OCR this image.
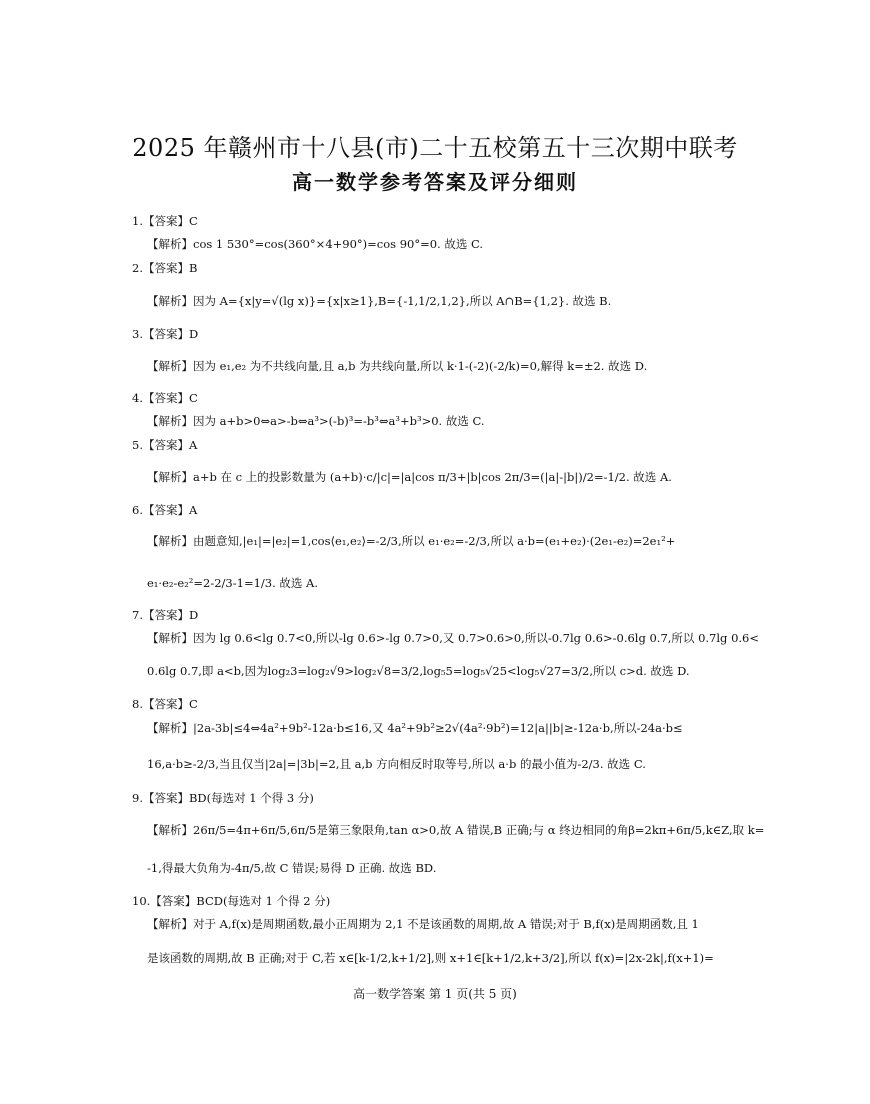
2025 年赣州市十八县(市)二十五校第五十三次期中联考
高一数学参考答案及评分细则
1.【答案】C
【解析】cos 1 530°=cos(360°×4+90°)=cos 90°=0. 故选 C.
2.【答案】B
【解析】因为 A={x|y=√(lg x)}={x|x≥1},B={-1,1/2,1,2},所以 A∩B={1,2}. 故选 B.
3.【答案】D
【解析】因为 e₁,e₂ 为不共线向量,且 a,b 为共线向量,所以 k·1-(-2)(-2/k)=0,解得 k=±2. 故选 D.
4.【答案】C
【解析】因为 a+b>0⇔a>-b⇔a³>(-b)³=-b³⇔a³+b³>0. 故选 C.
5.【答案】A
【解析】a+b 在 c 上的投影数量为 (a+b)·c/|c|=|a|cos π/3+|b|cos 2π/3=(|a|-|b|)/2=-1/2. 故选 A.
6.【答案】A
【解析】由题意知,|e₁|=|e₂|=1,cos⟨e₁,e₂⟩=-2/3,所以 e₁·e₂=-2/3,所以 a·b=(e₁+e₂)·(2e₁-e₂)=2e₁²+
e₁·e₂-e₂²=2-2/3-1=1/3. 故选 A.
7.【答案】D
【解析】因为 lg 0.6<lg 0.7<0,所以-lg 0.6>-lg 0.7>0,又 0.7>0.6>0,所以-0.7lg 0.6>-0.6lg 0.7,所以 0.7lg 0.6<
0.6lg 0.7,即 a<b,因为log₂3=log₂√9>log₂√8=3/2,log₅5=log₅√25<log₅√27=3/2,所以 c>d. 故选 D.
8.【答案】C
【解析】|2a-3b|≤4⇔4a²+9b²-12a·b≤16,又 4a²+9b²≥2√(4a²·9b²)=12|a||b|≥-12a·b,所以-24a·b≤
16,a·b≥-2/3,当且仅当|2a|=|3b|=2,且 a,b 方向相反时取等号,所以 a·b 的最小值为-2/3. 故选 C.
9.【答案】BD(每选对 1 个得 3 分)
【解析】26π/5=4π+6π/5,6π/5是第三象限角,tan α>0,故 A 错误,B 正确;与 α 终边相同的角β=2kπ+6π/5,k∈Z,取 k=
-1,得最大负角为-4π/5,故 C 错误;易得 D 正确. 故选 BD.
10.【答案】BCD(每选对 1 个得 2 分)
【解析】对于 A,f(x)是周期函数,最小正周期为 2,1 不是该函数的周期,故 A 错误;对于 B,f(x)是周期函数,且 1
是该函数的周期,故 B 正确;对于 C,若 x∈[k-1/2,k+1/2],则 x+1∈[k+1/2,k+3/2],所以 f(x)=|2x-2k|,f(x+1)=
高一数学答案 第 1 页(共 5 页)
